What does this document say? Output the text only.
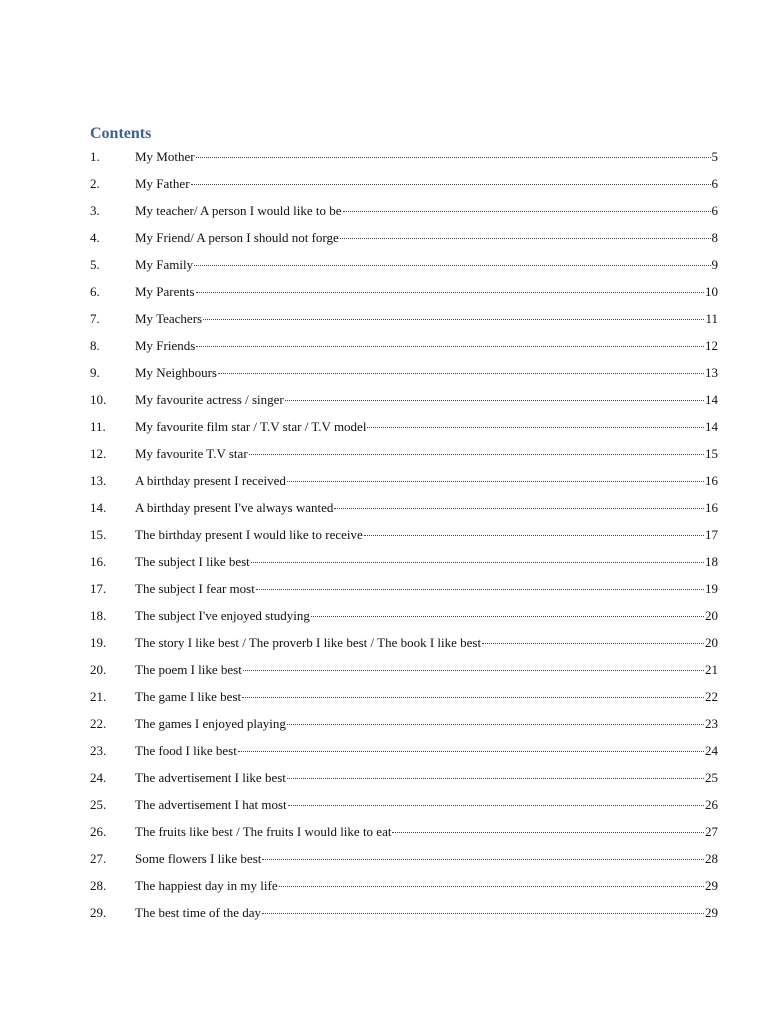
Contents
1.	My Mother	5
2.	My Father	6
3.	My teacher/ A person I would like to be	6
4.	My Friend/ A person I should not forge	8
5.	My Family	9
6.	My Parents	10
7.	My Teachers	11
8.	My Friends	12
9.	My Neighbours	13
10.	My favourite actress / singer	14
11.	My favourite film star / T.V star / T.V model	14
12.	My favourite T.V star	15
13.	A birthday present I received	16
14.	A birthday present I've always wanted	16
15.	The birthday present I would like to receive	17
16.	The subject I like best	18
17.	The subject I fear most	19
18.	The subject I've enjoyed studying	20
19.	The story I like best / The proverb I like best / The book I like best	20
20.	The poem I like best	21
21.	The game I like best	22
22.	The games I enjoyed playing	23
23.	The food I like best	24
24.	The advertisement I like best	25
25.	The advertisement I hat most	26
26.	The fruits like best / The fruits I would like to eat	27
27.	Some flowers I like best	28
28.	The happiest day in my life	29
29.	The best time of the day	29
